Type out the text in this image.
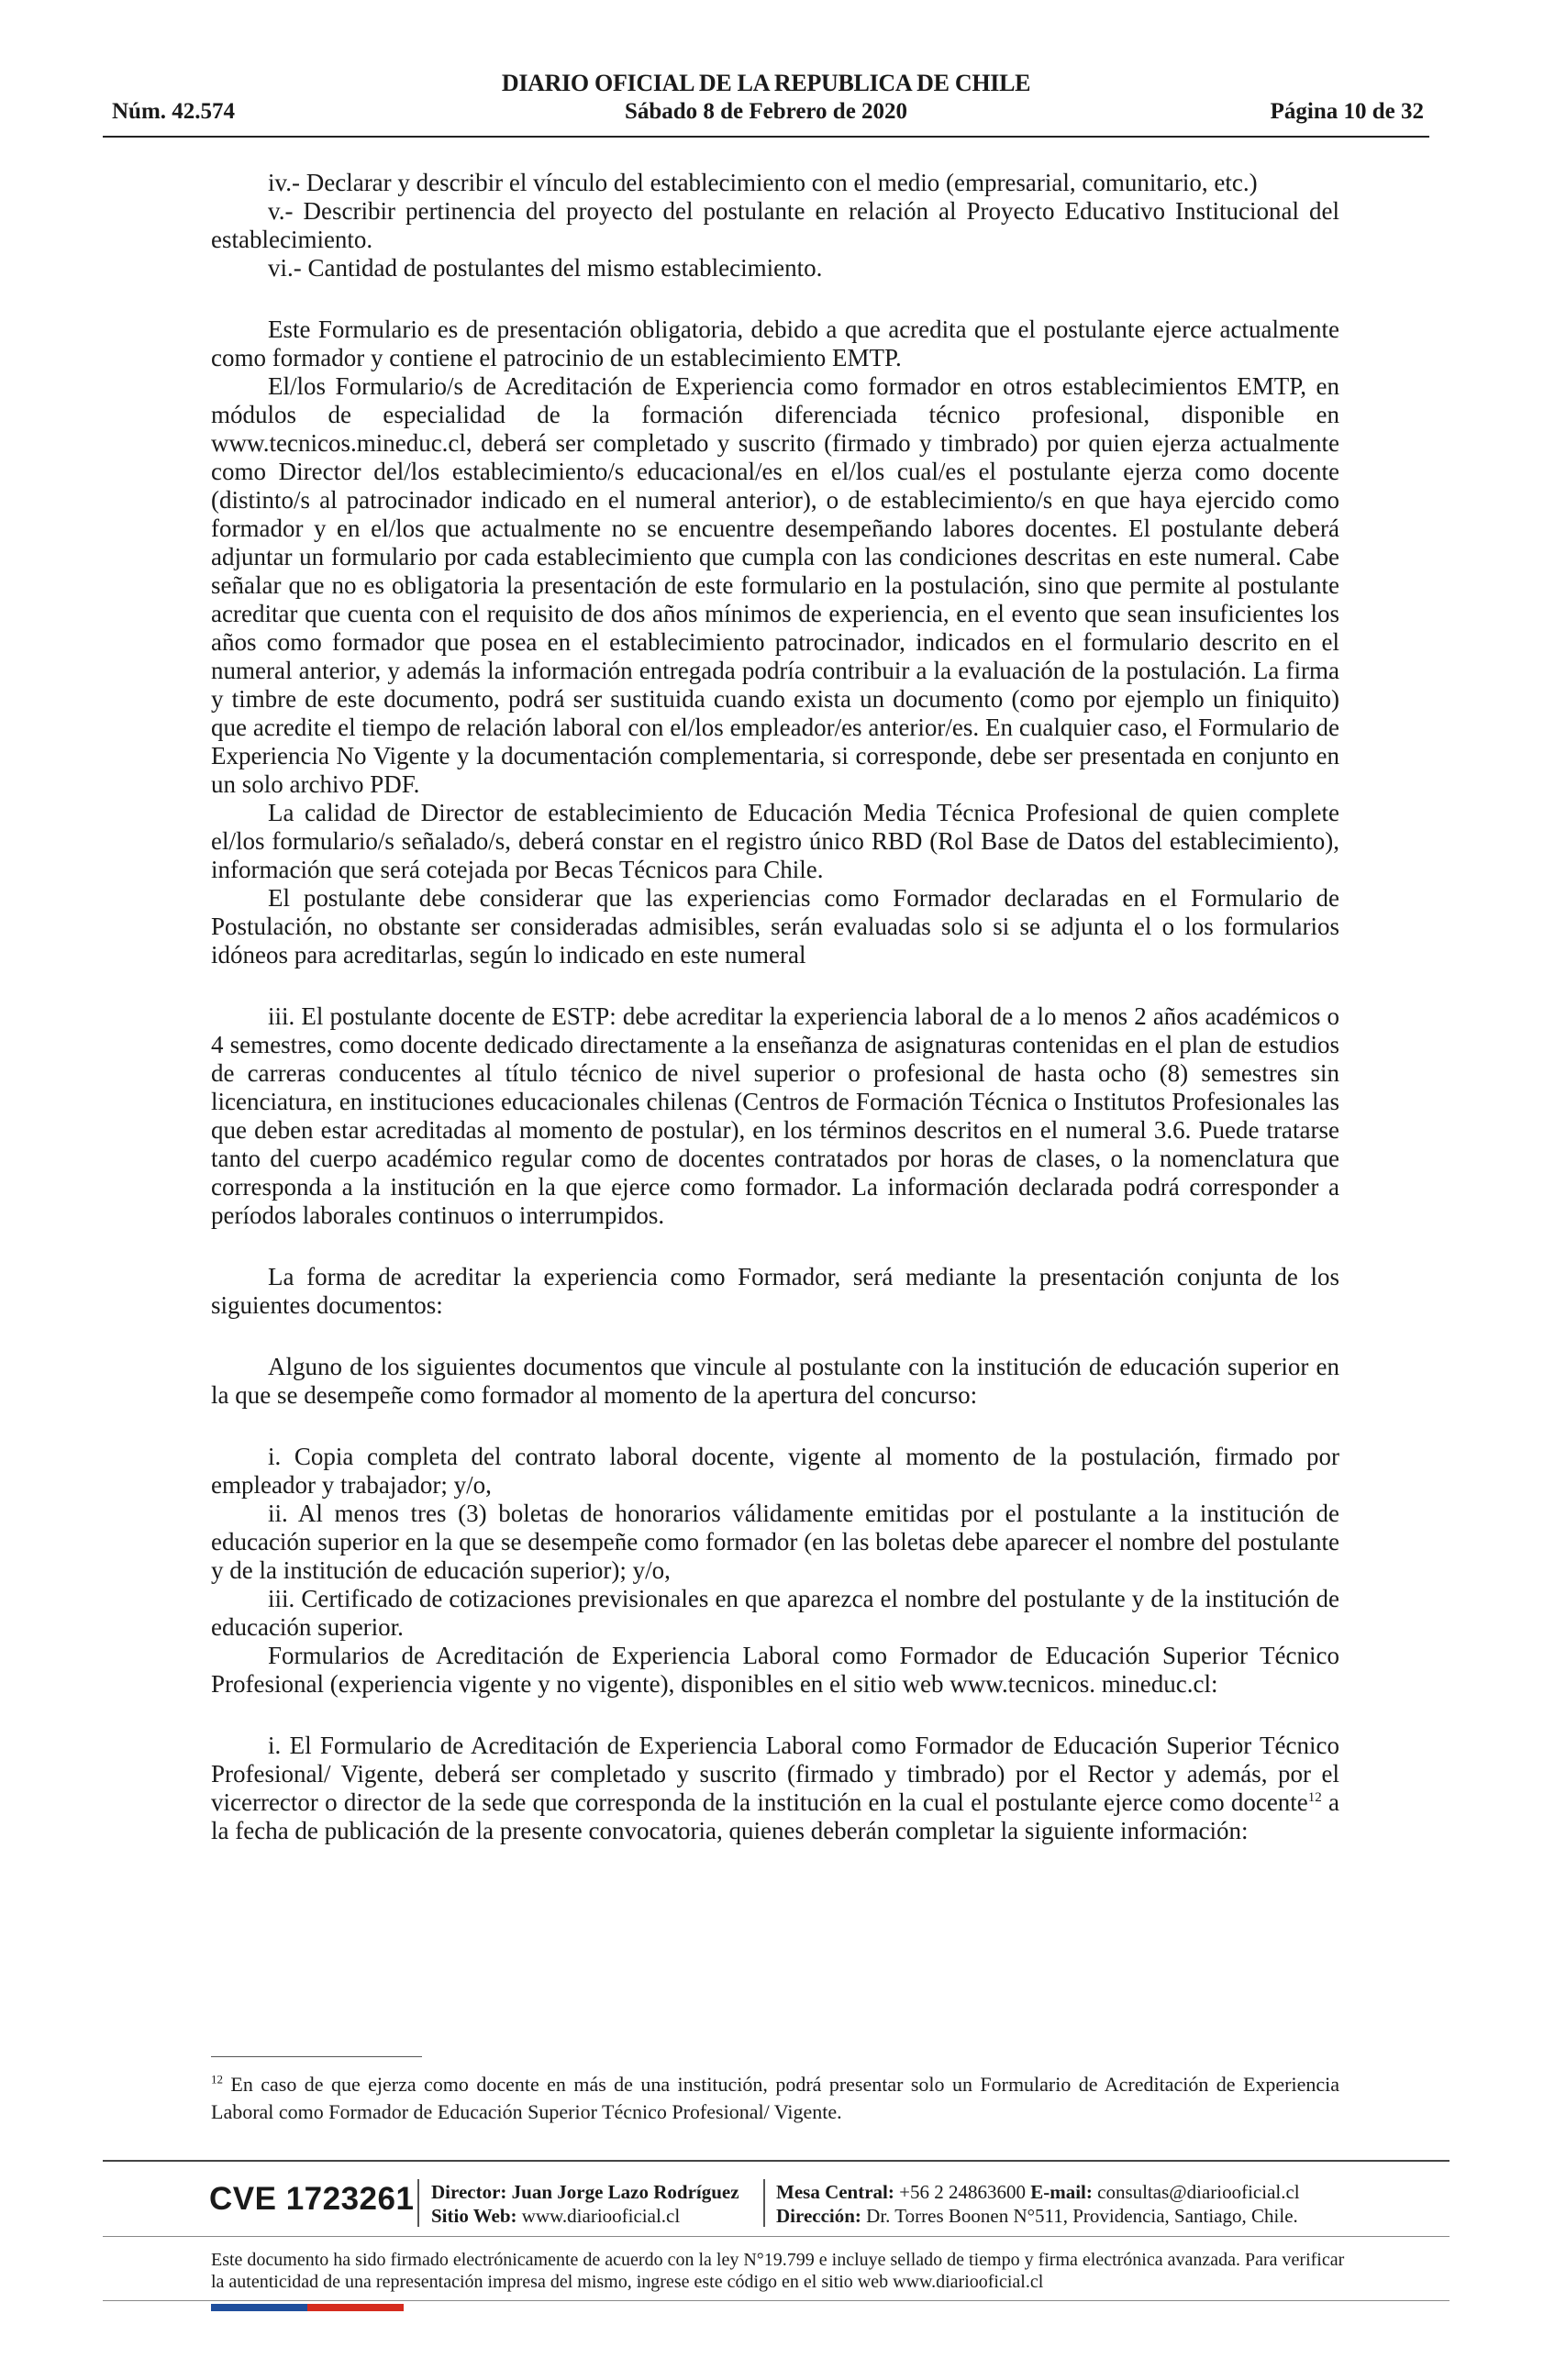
DIARIO OFICIAL DE LA REPUBLICA DE CHILE
Núm. 42.574	Sábado 8 de Febrero de 2020	Página 10 de 32

iv.- Declarar y describir el vínculo del establecimiento con el medio (empresarial, comunitario, etc.)

v.- Describir pertinencia del proyecto del postulante en relación al Proyecto Educativo Institucional del establecimiento.

vi.- Cantidad de postulantes del mismo establecimiento.

Este Formulario es de presentación obligatoria, debido a que acredita que el postulante ejerce actualmente como formador y contiene el patrocinio de un establecimiento EMTP.

El/los Formulario/s de Acreditación de Experiencia como formador en otros establecimientos EMTP, en módulos de especialidad de la formación diferenciada técnico profesional, disponible en www.tecnicos.mineduc.cl, deberá ser completado y suscrito (firmado y timbrado) por quien ejerza actualmente como Director del/los establecimiento/s educacional/es en el/los cual/es el postulante ejerza como docente (distinto/s al patrocinador indicado en el numeral anterior), o de establecimiento/s en que haya ejercido como formador y en el/los que actualmente no se encuentre desempeñando labores docentes. El postulante deberá adjuntar un formulario por cada establecimiento que cumpla con las condiciones descritas en este numeral. Cabe señalar que no es obligatoria la presentación de este formulario en la postulación, sino que permite al postulante acreditar que cuenta con el requisito de dos años mínimos de experiencia, en el evento que sean insuficientes los años como formador que posea en el establecimiento patrocinador, indicados en el formulario descrito en el numeral anterior, y además la información entregada podría contribuir a la evaluación de la postulación. La firma y timbre de este documento, podrá ser sustituida cuando exista un documento (como por ejemplo un finiquito) que acredite el tiempo de relación laboral con el/los empleador/es anterior/es. En cualquier caso, el Formulario de Experiencia No Vigente y la documentación complementaria, si corresponde, debe ser presentada en conjunto en un solo archivo PDF.

La calidad de Director de establecimiento de Educación Media Técnica Profesional de quien complete el/los formulario/s señalado/s, deberá constar en el registro único RBD (Rol Base de Datos del establecimiento), información que será cotejada por Becas Técnicos para Chile.

El postulante debe considerar que las experiencias como Formador declaradas en el Formulario de Postulación, no obstante ser consideradas admisibles, serán evaluadas solo si se adjunta el o los formularios idóneos para acreditarlas, según lo indicado en este numeral

iii. El postulante docente de ESTP: debe acreditar la experiencia laboral de a lo menos 2 años académicos o 4 semestres, como docente dedicado directamente a la enseñanza de asignaturas contenidas en el plan de estudios de carreras conducentes al título técnico de nivel superior o profesional de hasta ocho (8) semestres sin licenciatura, en instituciones educacionales chilenas (Centros de Formación Técnica o Institutos Profesionales las que deben estar acreditadas al momento de postular), en los términos descritos en el numeral 3.6. Puede tratarse tanto del cuerpo académico regular como de docentes contratados por horas de clases, o la nomenclatura que corresponda a la institución en la que ejerce como formador. La información declarada podrá corresponder a períodos laborales continuos o interrumpidos.

La forma de acreditar la experiencia como Formador, será mediante la presentación conjunta de los siguientes documentos:

Alguno de los siguientes documentos que vincule al postulante con la institución de educación superior en la que se desempeñe como formador al momento de la apertura del concurso:

i. Copia completa del contrato laboral docente, vigente al momento de la postulación, firmado por empleador y trabajador; y/o,

ii. Al menos tres (3) boletas de honorarios válidamente emitidas por el postulante a la institución de educación superior en la que se desempeñe como formador (en las boletas debe aparecer el nombre del postulante y de la institución de educación superior); y/o,

iii. Certificado de cotizaciones previsionales en que aparezca el nombre del postulante y de la institución de educación superior.

Formularios de Acreditación de Experiencia Laboral como Formador de Educación Superior Técnico Profesional (experiencia vigente y no vigente), disponibles en el sitio web www.tecnicos. mineduc.cl:

i. El Formulario de Acreditación de Experiencia Laboral como Formador de Educación Superior Técnico Profesional/ Vigente, deberá ser completado y suscrito (firmado y timbrado) por el Rector y además, por el vicerrector o director de la sede que corresponda de la institución en la cual el postulante ejerce como docente$^{12}$ a la fecha de publicación de la presente convocatoria, quienes deberán completar la siguiente información:

$^{12}$ En caso de que ejerza como docente en más de una institución, podrá presentar solo un Formulario de Acreditación de Experiencia Laboral como Formador de Educación Superior Técnico Profesional/ Vigente.
CVE 1723261 Director: Juan Jorge Lazo Rodríguez
Sitio Web: www.diariooficial.cl
Mesa Central: +56 2 24863600 E-mail: consultas@diariooficial.cl
Dirección: Dr. Torres Boonen N°511, Providencia, Santiago, Chile.
Este documento ha sido firmado electrónicamente de acuerdo con la ley N°19.799 e incluye sellado de tiempo y firma electrónica avanzada. Para verificar la autenticidad de una representación impresa del mismo, ingrese este código en el sitio web www.diariooficial.cl
